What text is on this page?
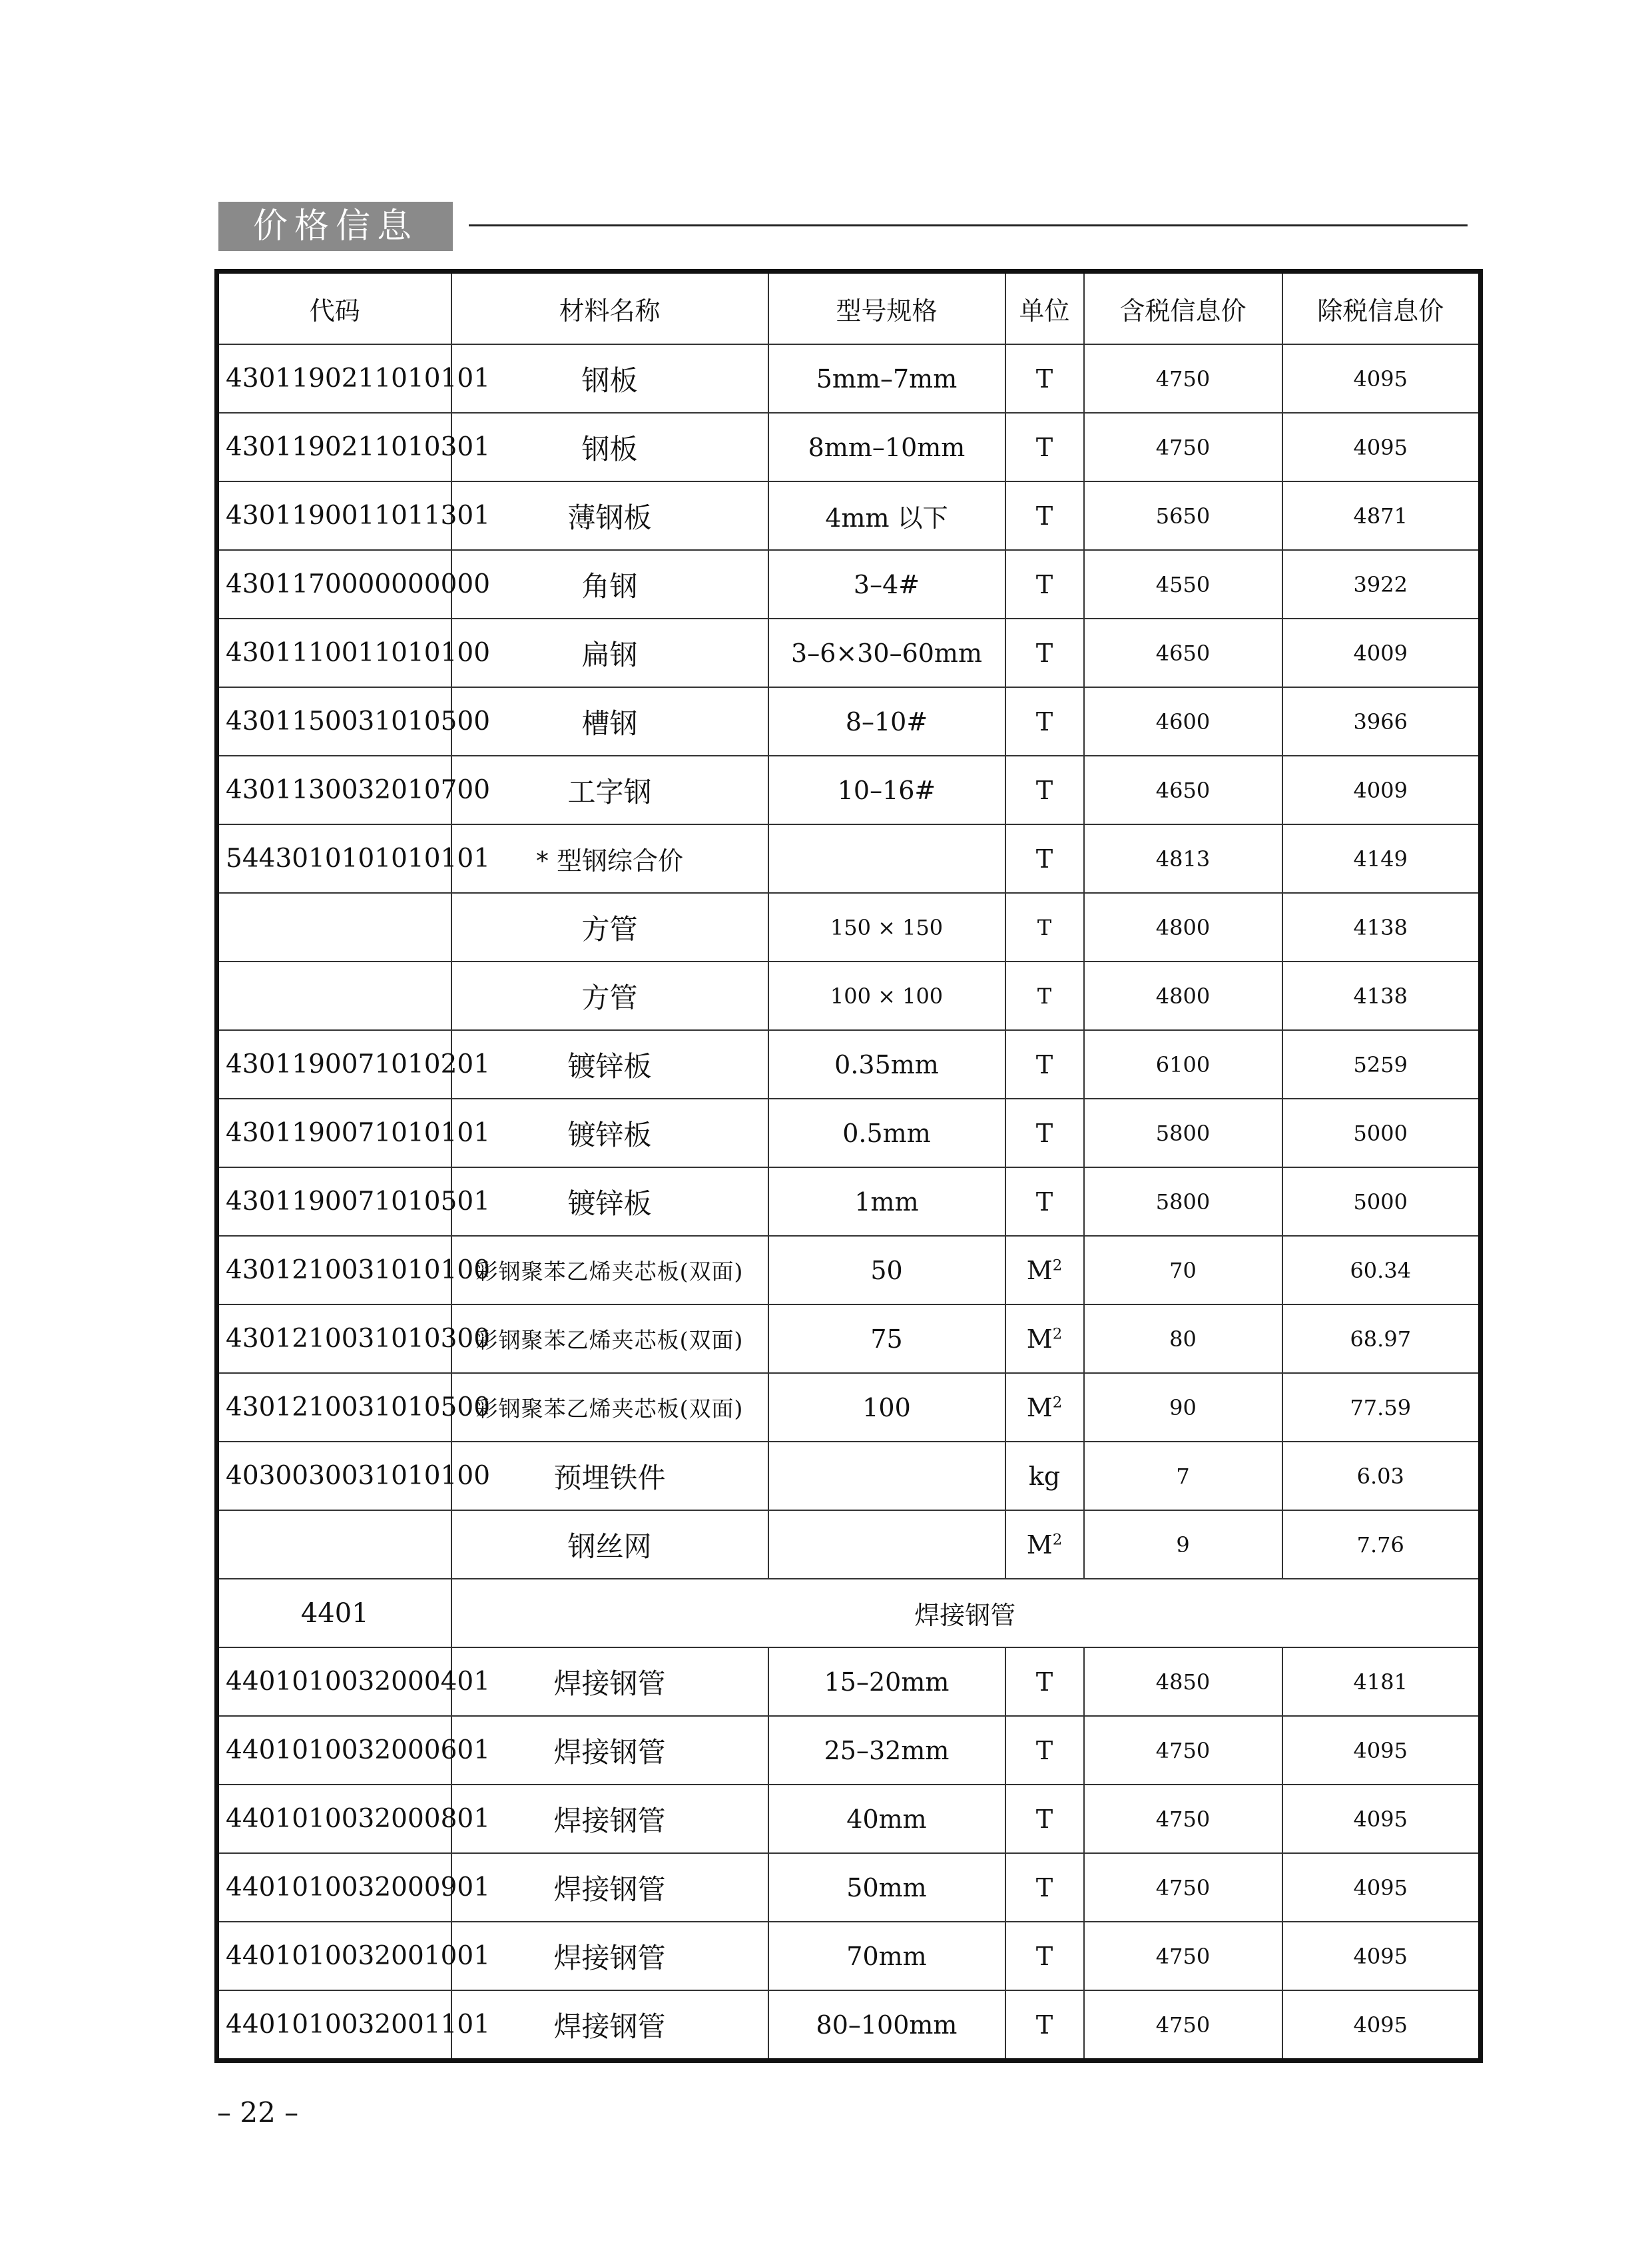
价格信息
代码	材料名称	型号规格	单位	含税信息价	除税信息价
4301190211010101	钢板	5mm–7mm	T	4750	4095
4301190211010301	钢板	8mm–10mm	T	4750	4095
4301190011011301	薄钢板	4mm 以下	T	5650	4871
4301170000000000	角钢	3–4#	T	4550	3922
4301110011010100	扁钢	3–6×30–60mm	T	4650	4009
4301150031010500	槽钢	8–10#	T	4600	3966
4301130032010700	工字钢	10–16#	T	4650	4009
5443010101010101	* 型钢综合价		T	4813	4149
	方管	150 × 150	T	4800	4138
	方管	100 × 100	T	4800	4138
4301190071010201	镀锌板	0.35mm	T	6100	5259
4301190071010101	镀锌板	0.5mm	T	5800	5000
4301190071010501	镀锌板	1mm	T	5800	5000
4301210031010100	彩钢聚苯乙烯夹芯板(双面)	50	$M^2$	70	60.34
4301210031010300	彩钢聚苯乙烯夹芯板(双面)	75	$M^2$	80	68.97
4301210031010500	彩钢聚苯乙烯夹芯板(双面)	100	$M^2$	90	77.59
4030030031010100	预埋铁件		kg	7	6.03
	钢丝网		$M^2$	9	7.76
4401	焊接钢管				
4401010032000401	焊接钢管	15–20mm	T	4850	4181
4401010032000601	焊接钢管	25–32mm	T	4750	4095
4401010032000801	焊接钢管	40mm	T	4750	4095
4401010032000901	焊接钢管	50mm	T	4750	4095
4401010032001001	焊接钢管	70mm	T	4750	4095
4401010032001101	焊接钢管	80–100mm	T	4750	4095
– 22 –
